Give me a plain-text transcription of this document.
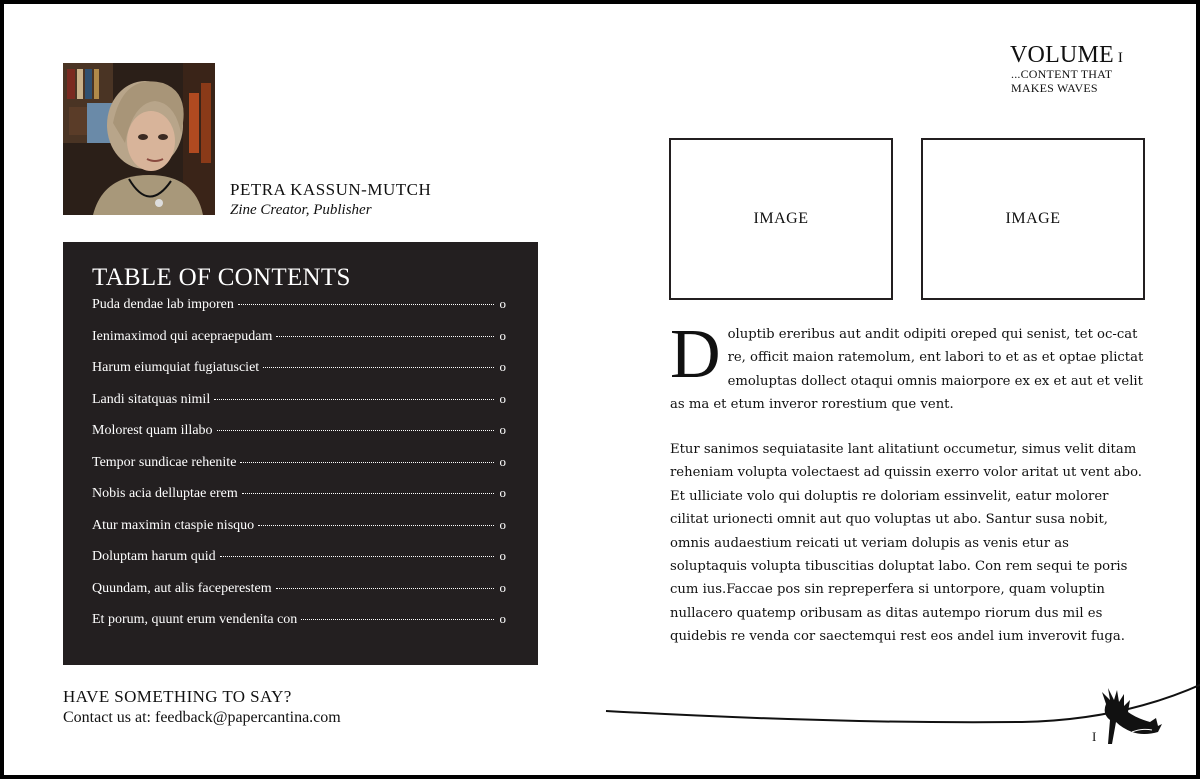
PETRA KASSUN-MUTCH
Zine Creator, Publisher
TABLE OF CONTENTS
Puda dendae lab imporen	o
Ienimaximod qui acepraepudam	o
Harum eiumquiat fugiatusciet	o
Landi sitatquas nimil	o
Molorest quam illabo	o
Tempor sundicae rehenite	o
Nobis acia delluptae erem	o
Atur maximin ctaspie nisquo	o
Doluptam harum quid	o
Quundam, aut alis faceperestem	o
Et porum, quunt erum vendenita con	o
HAVE SOMETHING TO SAY?
Contact us at: feedback@papercantina.com
VOLUME I
...CONTENT THAT MAKES WAVES
IMAGE	IMAGE

Doluptib ereribus aut andit odipiti oreped qui senist, tet oc-cat re, officit maion ratemolum, ent labori to et as et optae plictat emoluptas dollect otaqui omnis maiorpore ex ex et aut et velit as ma et etum inveror rorestium que vent.

Etur sanimos sequiatasite lant alitatiunt occumetur, simus velit ditam reheniam volupta volectaest ad quissin exerro volor aritat ut vent abo. Et ulliciate volo qui doluptis re doloriam essinvelit, eatur molorer cilitat urionecti omnit aut quo voluptas ut abo. Santur susa nobit, omnis audaestium reicati ut veriam dolupis as venis etur as soluptaquis volupta tibuscitias doluptat labo. Con rem sequi te poris cum ius.Faccae pos sin repreperfera si untorpore, quam voluptin nullacero quatemp oribusam as ditas autempo riorum dus mil es quidebis re venda cor saectemqui rest eos andel ium inverovit fuga.

I
